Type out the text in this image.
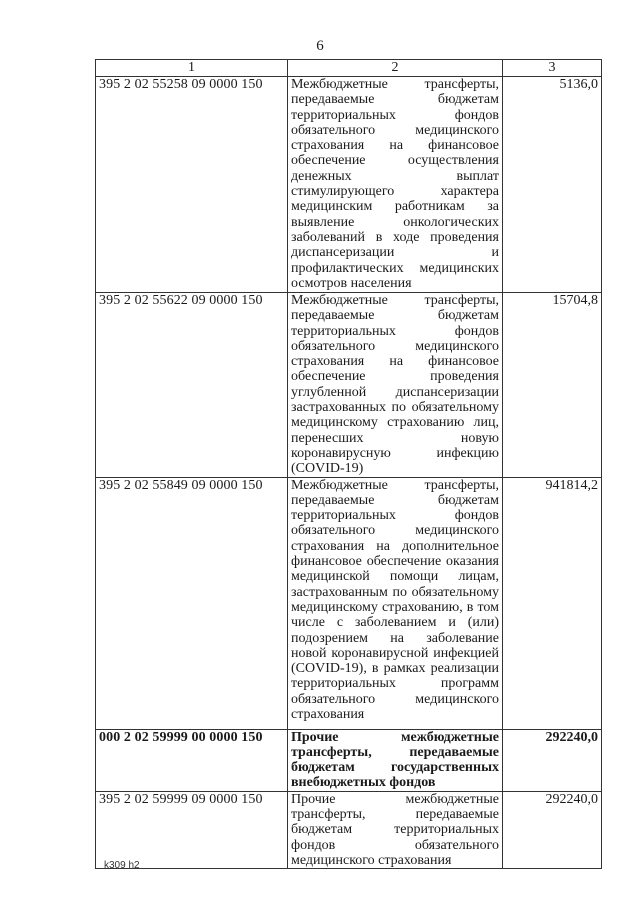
6
1	2	3
395 2 02 55258 09 0000 150	Межбюджетные трансферты, передаваемые бюджетам территориальных фондов обязательного медицинского страхования на финансовое обеспечение осуществления денежных выплат стимулирующего характера медицинским работникам за выявление онкологических заболеваний в ходе проведения диспансеризации и профилактических медицинских осмотров населения	5136,0
395 2 02 55622 09 0000 150	Межбюджетные трансферты, передаваемые бюджетам территориальных фондов обязательного медицинского страхования на финансовое обеспечение проведения углубленной диспансеризации застрахованных по обязательному медицинскому страхованию лиц, перенесших новую коронавирусную инфекцию (COVID-19)	15704,8
395 2 02 55849 09 0000 150	Межбюджетные трансферты, передаваемые бюджетам территориальных фондов обязательного медицинского страхования на дополнительное финансовое обеспечение оказания медицинской помощи лицам, застрахованным по обязательному медицинскому страхованию, в том числе с заболеванием и (или) подозрением на заболевание новой коронавирусной инфекцией (COVID-19), в рамках реализации территориальных программ обязательного медицинского страхования	941814,2
000 2 02 59999 00 0000 150	Прочие межбюджетные трансферты, передаваемые бюджетам государственных внебюджетных фондов	292240,0
395 2 02 59999 09 0000 150	Прочие межбюджетные трансферты, передаваемые бюджетам территориальных фондов обязательного медицинского страхования	292240,0
k309 h2
